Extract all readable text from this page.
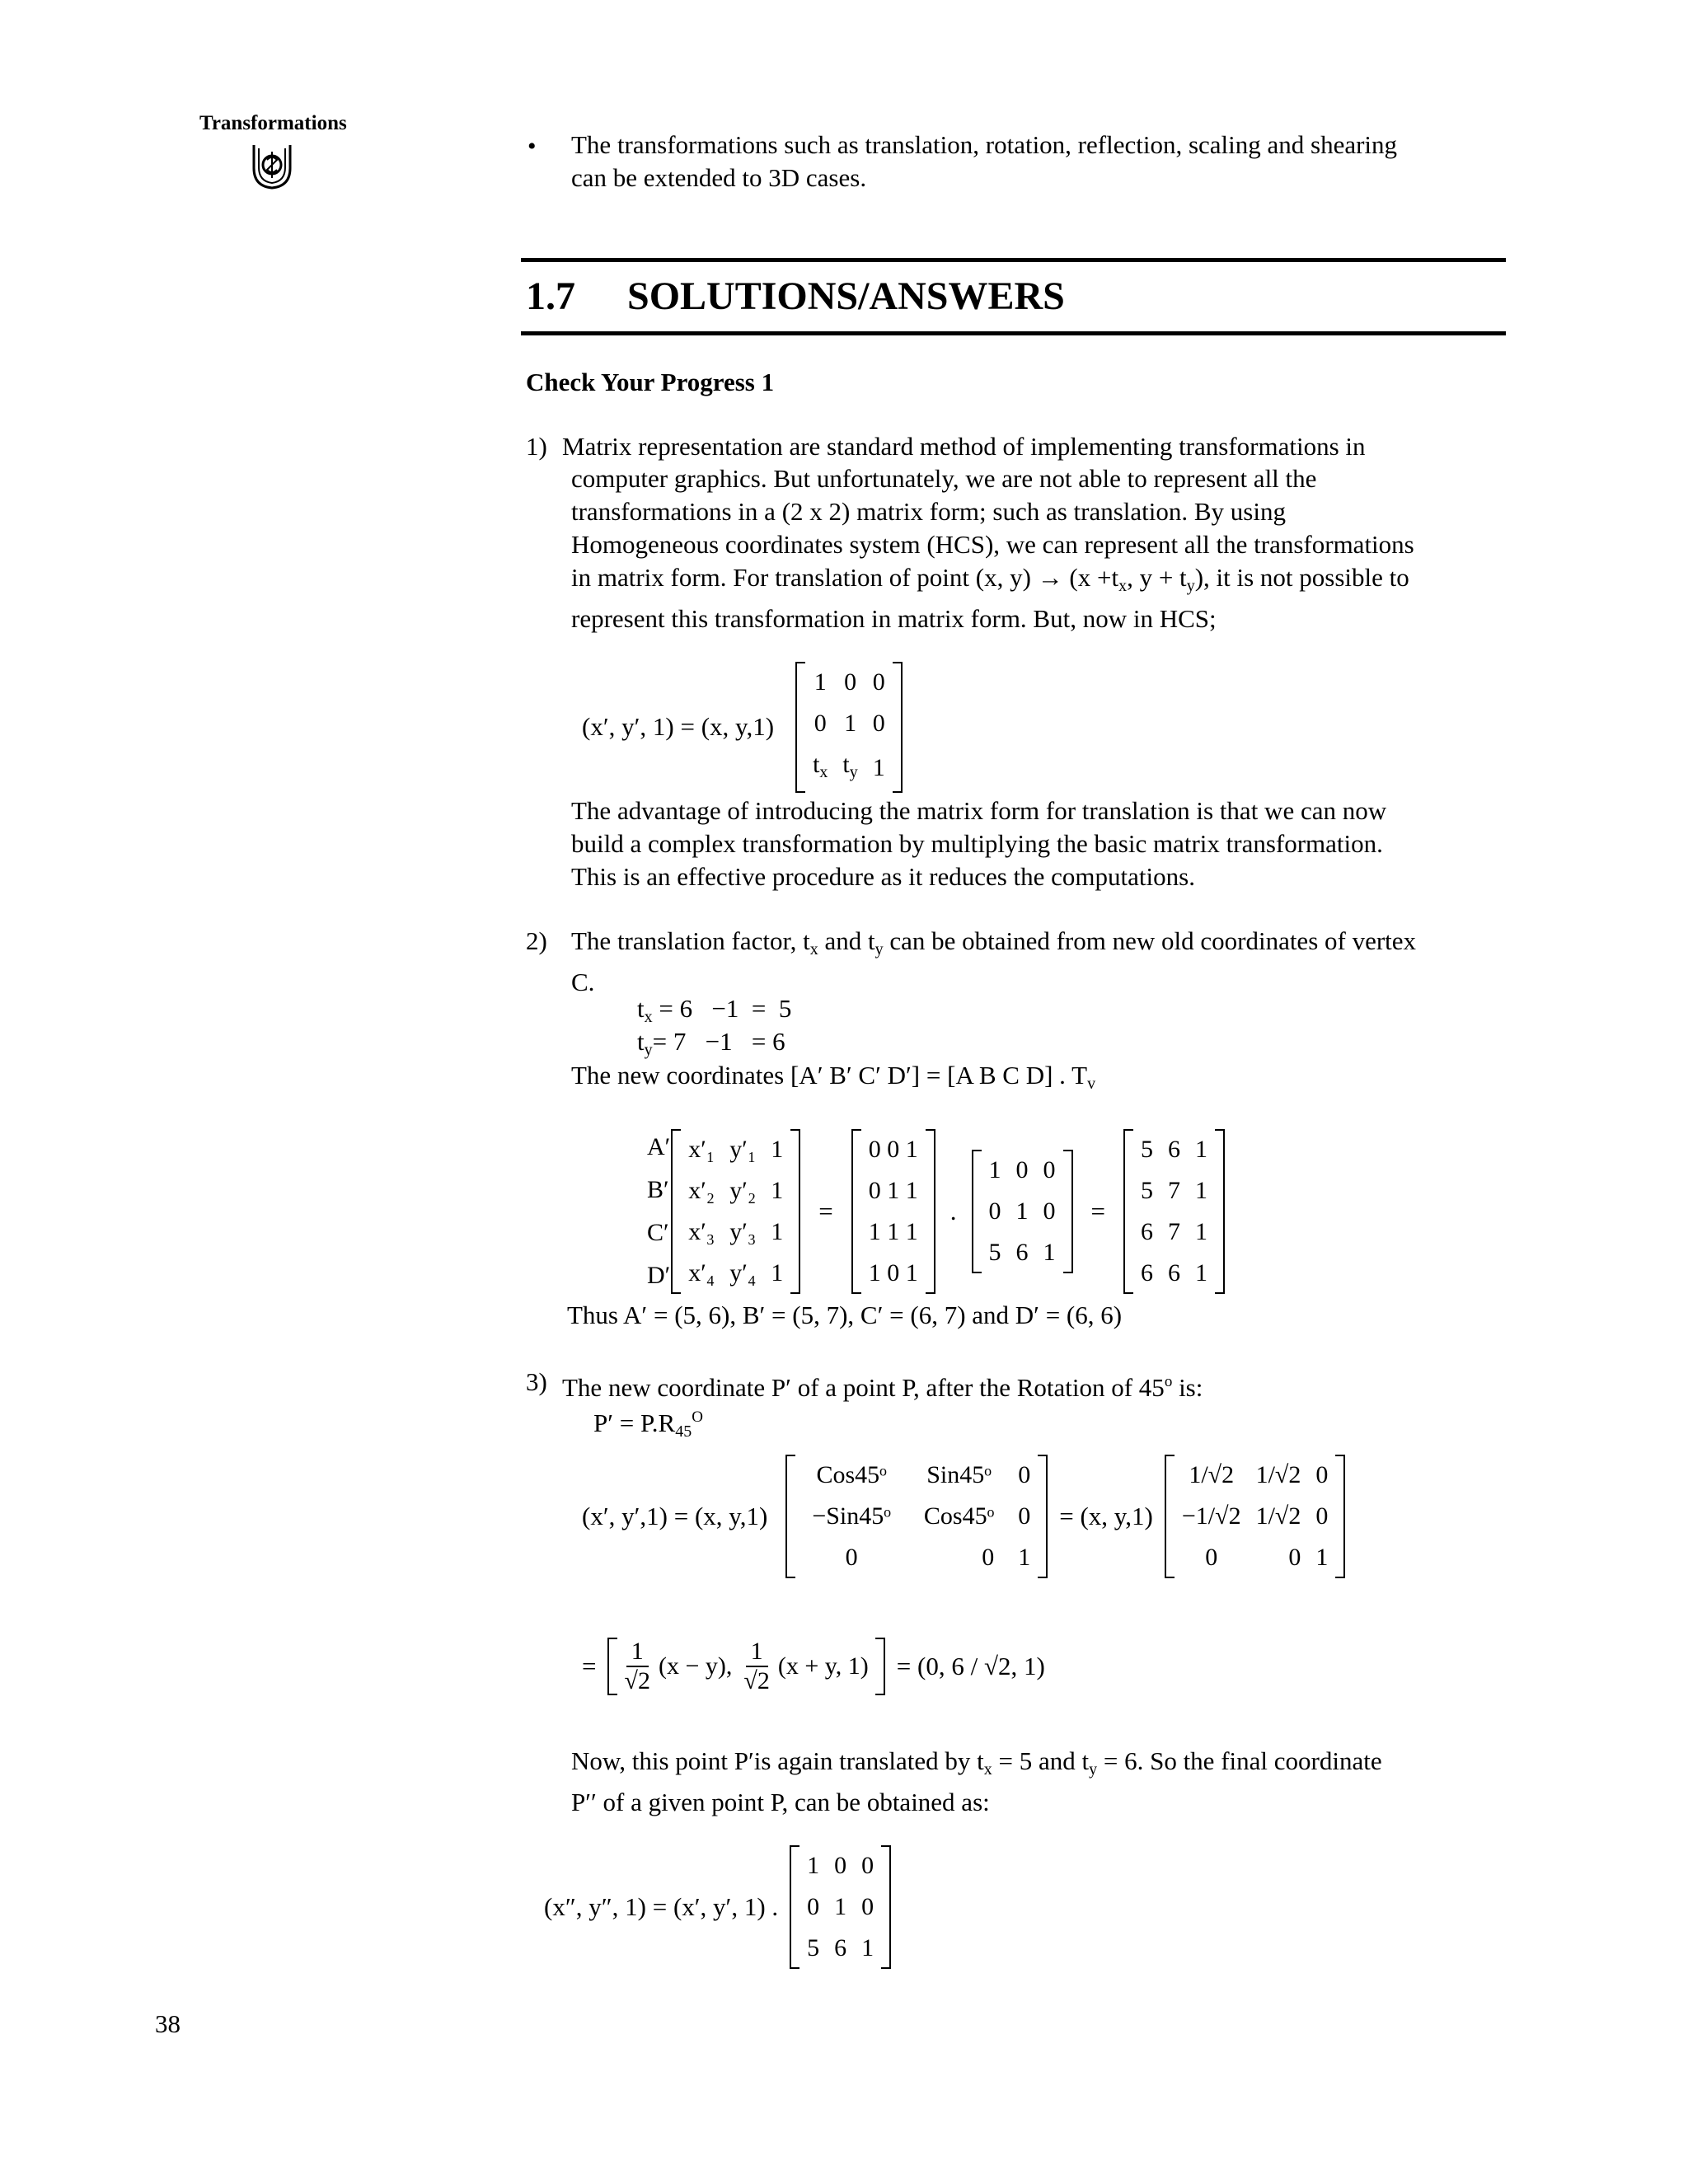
Transformations
• The transformations such as translation, rotation, reflection, scaling and shearing
can be extended to 3D cases.
1.7 SOLUTIONS/ANSWERS
Check Your Progress 1
1) Matrix representation are standard method of implementing transformations in
computer graphics. But unfortunately, we are not able to represent all the
transformations in a (2 x 2) matrix form; such as translation. By using
Homogeneous coordinates system (HCS), we can represent all the transformations
in matrix form. For translation of point (x, $y) \to (x +t_x$, $y + t_y$), it is not possible to
represent this transformation in matrix form. But, now in HCS;
(x′, y′, 1) = (x, y,1)
1	0	0
0	1	0
$t_x$	$t_y$	1
The advantage of introducing the matrix form for translation is that we can now
build a complex transformation by multiplying the basic matrix transformation.
This is an effective procedure as it reduces the computations.
2) The translation factor, $t_x$ and $t_y$ can be obtained from new old coordinates of vertex
C.
$t_x = 6 -1 = 5$
$t_y= 7 -1 = 6$
The new coordinates [A′ B′ C′ D′] = [A B C D] . $T_v$
A′
B′
C′
D′
x′₁	y′₁	1
x′₂	y′₂	1
x′₃	y′₃	1
x′₄	y′₄	1
=
0 0 1
0 1 1
1 1 1
1 0 1
.
1	0	0
0	1	0
5	6	1
=
5	6	1
5	7	1
6	7	1
6	6	1
Thus A′ = (5, 6), B′ = (5, 7), C′ = (6, 7) and D′ = (6, 6)
3) The new coordinate P′ of a point P, after the Rotation of 45$^o$ is:
$P' = P.R_{45}^O$
(x′, y′,1) = (x, y,1)
Cos45ᵒ	Sin45ᵒ	0
−Sin45ᵒ	Cos45ᵒ	0
0	0	1
= (x, y,1)
1/√2	1/√2	0
−1/√2	1/√2	0
0	0	1
=
1
√2
(x − y),
1
√2
(x + y, 1)	= (0, 6 / √2, 1)
Now, this point P′is again translated by $t_x = 5$ and $t_y = 6$. So the final coordinate
P′′ of a given point P, can be obtained as:
(x″, y″, 1) = (x′, y′, 1) .
1	0	0
0	1	0
5	6	1
38
